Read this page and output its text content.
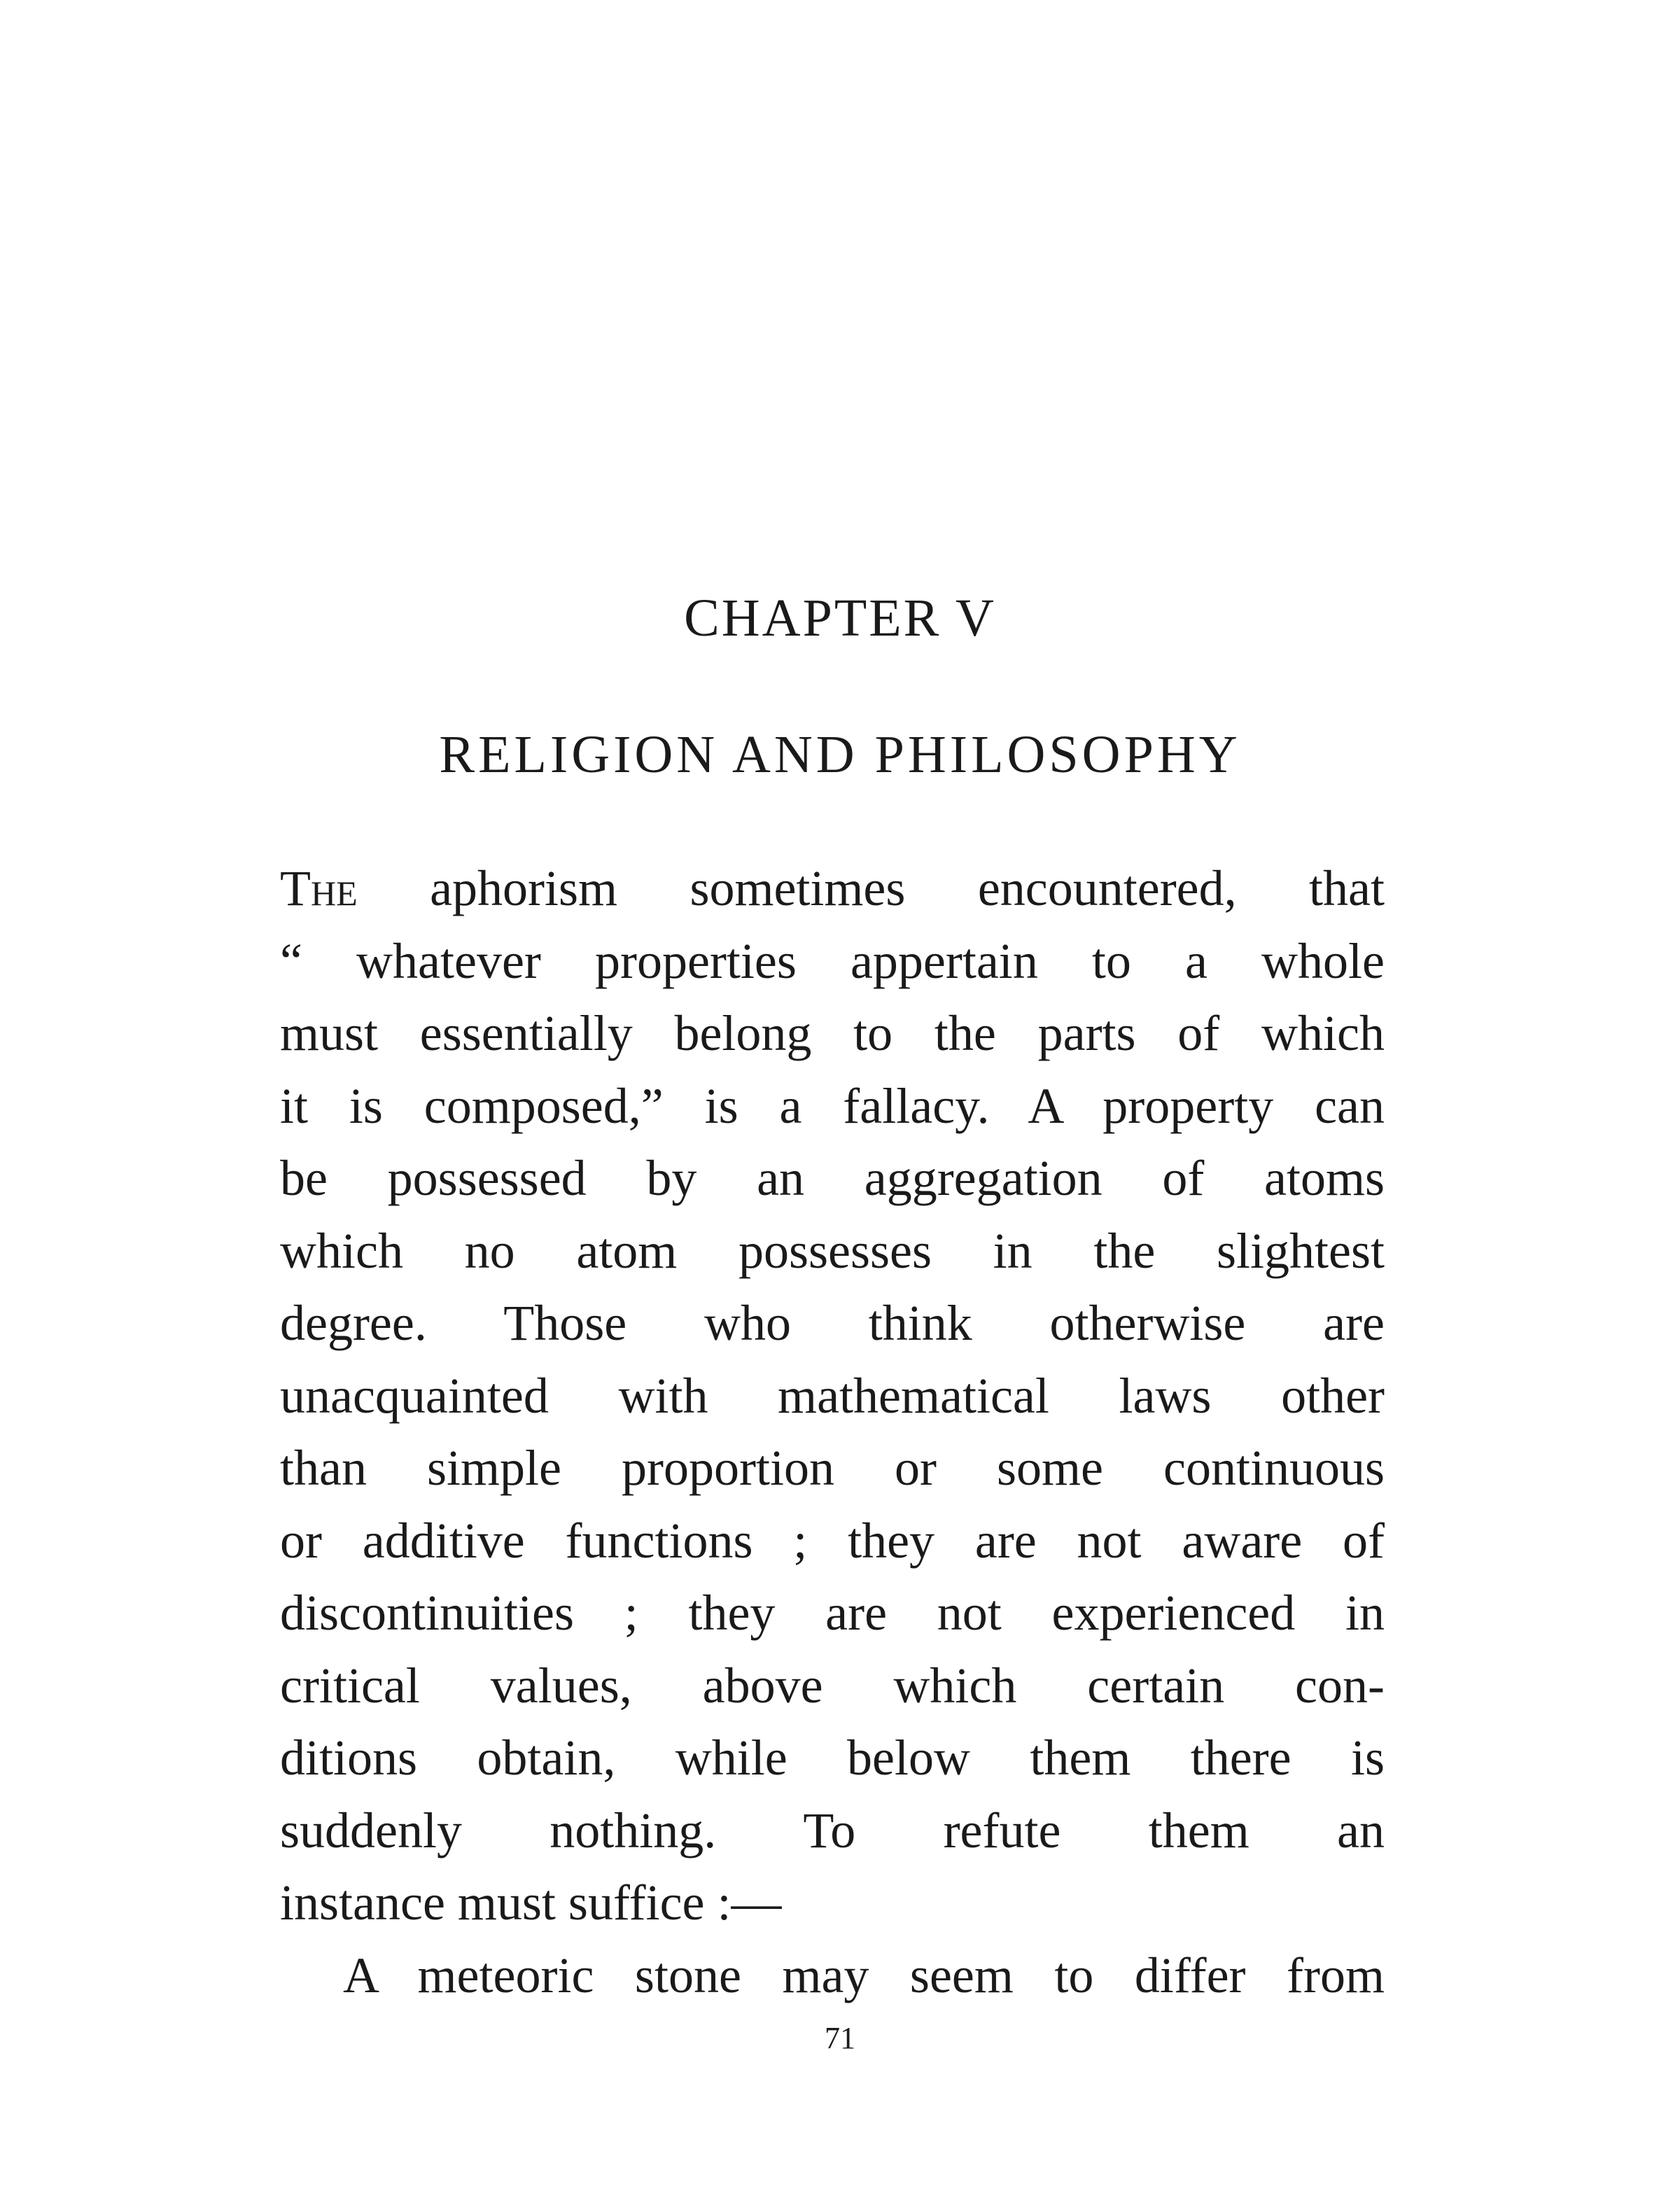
CHAPTER V
RELIGION AND PHILOSOPHY
The aphorism sometimes encountered, that
“ whatever properties appertain to a whole
must essentially belong to the parts of which
it is composed,” is a fallacy. A property can
be possessed by an aggregation of atoms
which no atom possesses in the slightest
degree. Those who think otherwise are
unacquainted with mathematical laws other
than simple proportion or some continuous
or additive functions ; they are not aware of
discontinuities ; they are not experienced in
critical values, above which certain con-
ditions obtain, while below them there is
suddenly nothing. To refute them an
instance must suffice :—
A meteoric stone may seem to differ from
71
